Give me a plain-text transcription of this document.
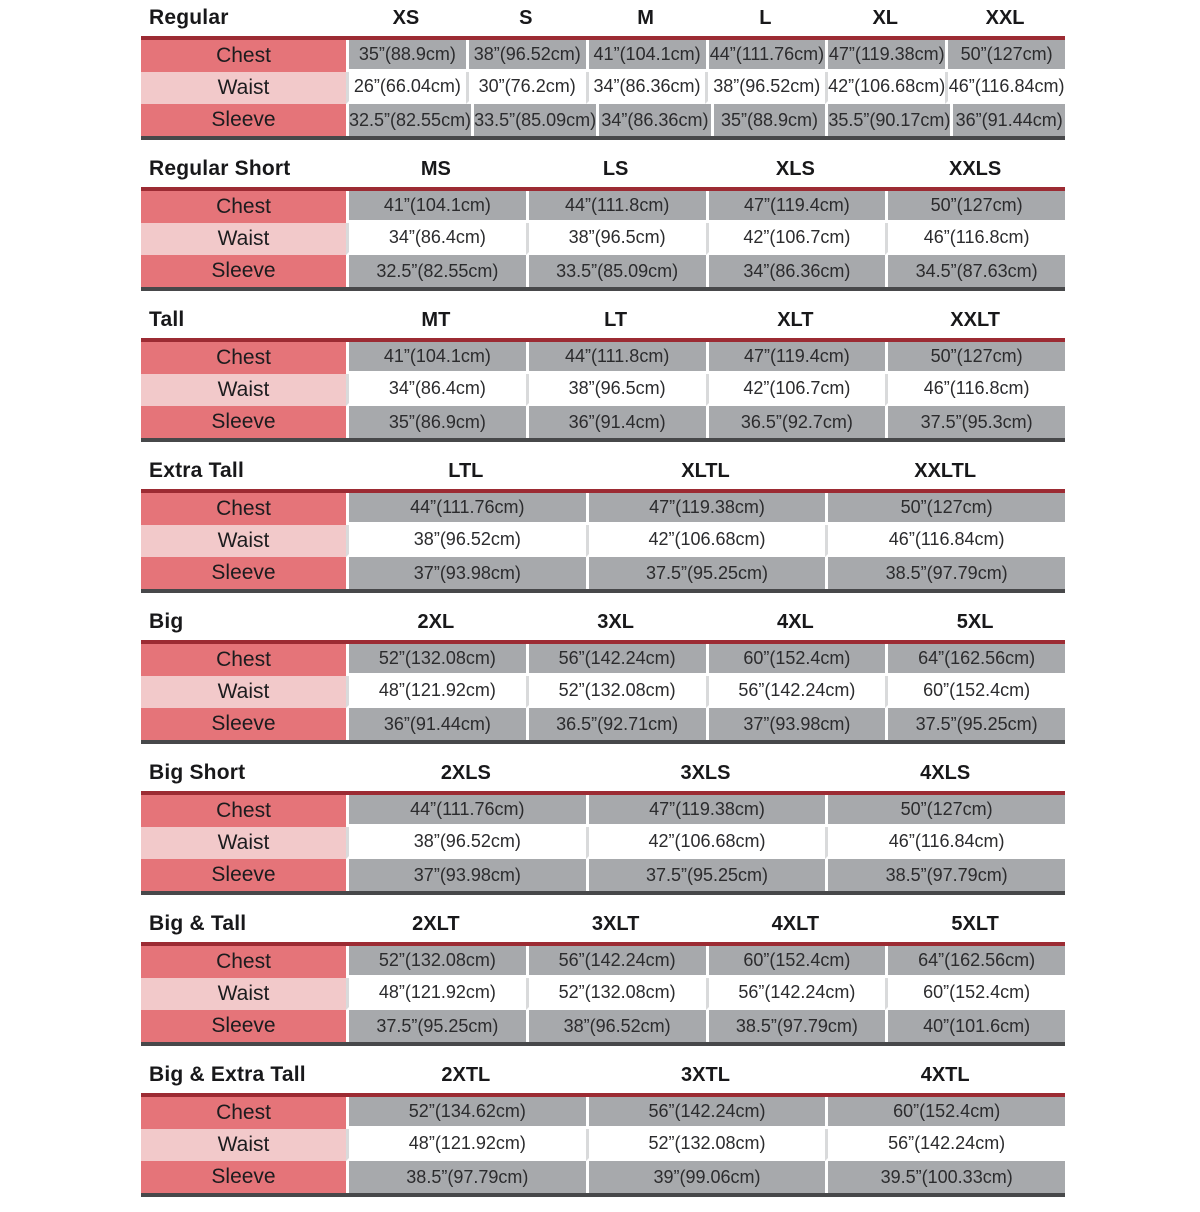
Regular	XS	S	M	L	XL	XXL
Chest	35”(88.9cm) 38”(96.52cm) 41”(104.1cm) 44”(111.76cm) 47”(119.38cm) 50”(127cm)
Waist	26”(66.04cm) 30”(76.2cm) 34”(86.36cm) 38”(96.52cm) 42”(106.68cm) 46”(116.84cm)
Sleeve	32.5”(82.55cm) 33.5”(85.09cm) 34”(86.36cm) 35”(88.9cm) 35.5”(90.17cm) 36”(91.44cm)
Regular Short	MS	LS	XLS	XXLS
Chest	41”(104.1cm)	44”(111.8cm)	47”(119.4cm)	50”(127cm)
Waist	34”(86.4cm)	38”(96.5cm)	42”(106.7cm)	46”(116.8cm)
Sleeve	32.5”(82.55cm)	33.5”(85.09cm)	34”(86.36cm)	34.5”(87.63cm)
Tall	MT	LT	XLT	XXLT
Chest	41”(104.1cm)	44”(111.8cm)	47”(119.4cm)	50”(127cm)
Waist	34”(86.4cm)	38”(96.5cm)	42”(106.7cm)	46”(116.8cm)
Sleeve	35”(86.9cm)	36”(91.4cm)	36.5”(92.7cm)	37.5”(95.3cm)
Extra Tall	LTL	XLTL	XXLTL
Chest	44”(111.76cm)	47”(119.38cm)	50”(127cm)
Waist	38”(96.52cm)	42”(106.68cm)	46”(116.84cm)
Sleeve	37”(93.98cm)	37.5”(95.25cm)	38.5”(97.79cm)
Big	2XL	3XL	4XL	5XL
Chest	52”(132.08cm)	56”(142.24cm)	60”(152.4cm)	64”(162.56cm)
Waist	48”(121.92cm)	52”(132.08cm)	56”(142.24cm)	60”(152.4cm)
Sleeve	36”(91.44cm)	36.5”(92.71cm)	37”(93.98cm)	37.5”(95.25cm)
Big Short	2XLS	3XLS	4XLS
Chest	44”(111.76cm)	47”(119.38cm)	50”(127cm)
Waist	38”(96.52cm)	42”(106.68cm)	46”(116.84cm)
Sleeve	37”(93.98cm)	37.5”(95.25cm)	38.5”(97.79cm)
Big & Tall	2XLT	3XLT	4XLT	5XLT
Chest	52”(132.08cm)	56”(142.24cm)	60”(152.4cm)	64”(162.56cm)
Waist	48”(121.92cm)	52”(132.08cm)	56”(142.24cm)	60”(152.4cm)
Sleeve	37.5”(95.25cm)	38”(96.52cm)	38.5”(97.79cm)	40”(101.6cm)
Big & Extra Tall	2XTL	3XTL	4XTL
Chest	52”(134.62cm)	56”(142.24cm)	60”(152.4cm)
Waist	48”(121.92cm)	52”(132.08cm)	56”(142.24cm)
Sleeve	38.5”(97.79cm)	39”(99.06cm)	39.5”(100.33cm)
